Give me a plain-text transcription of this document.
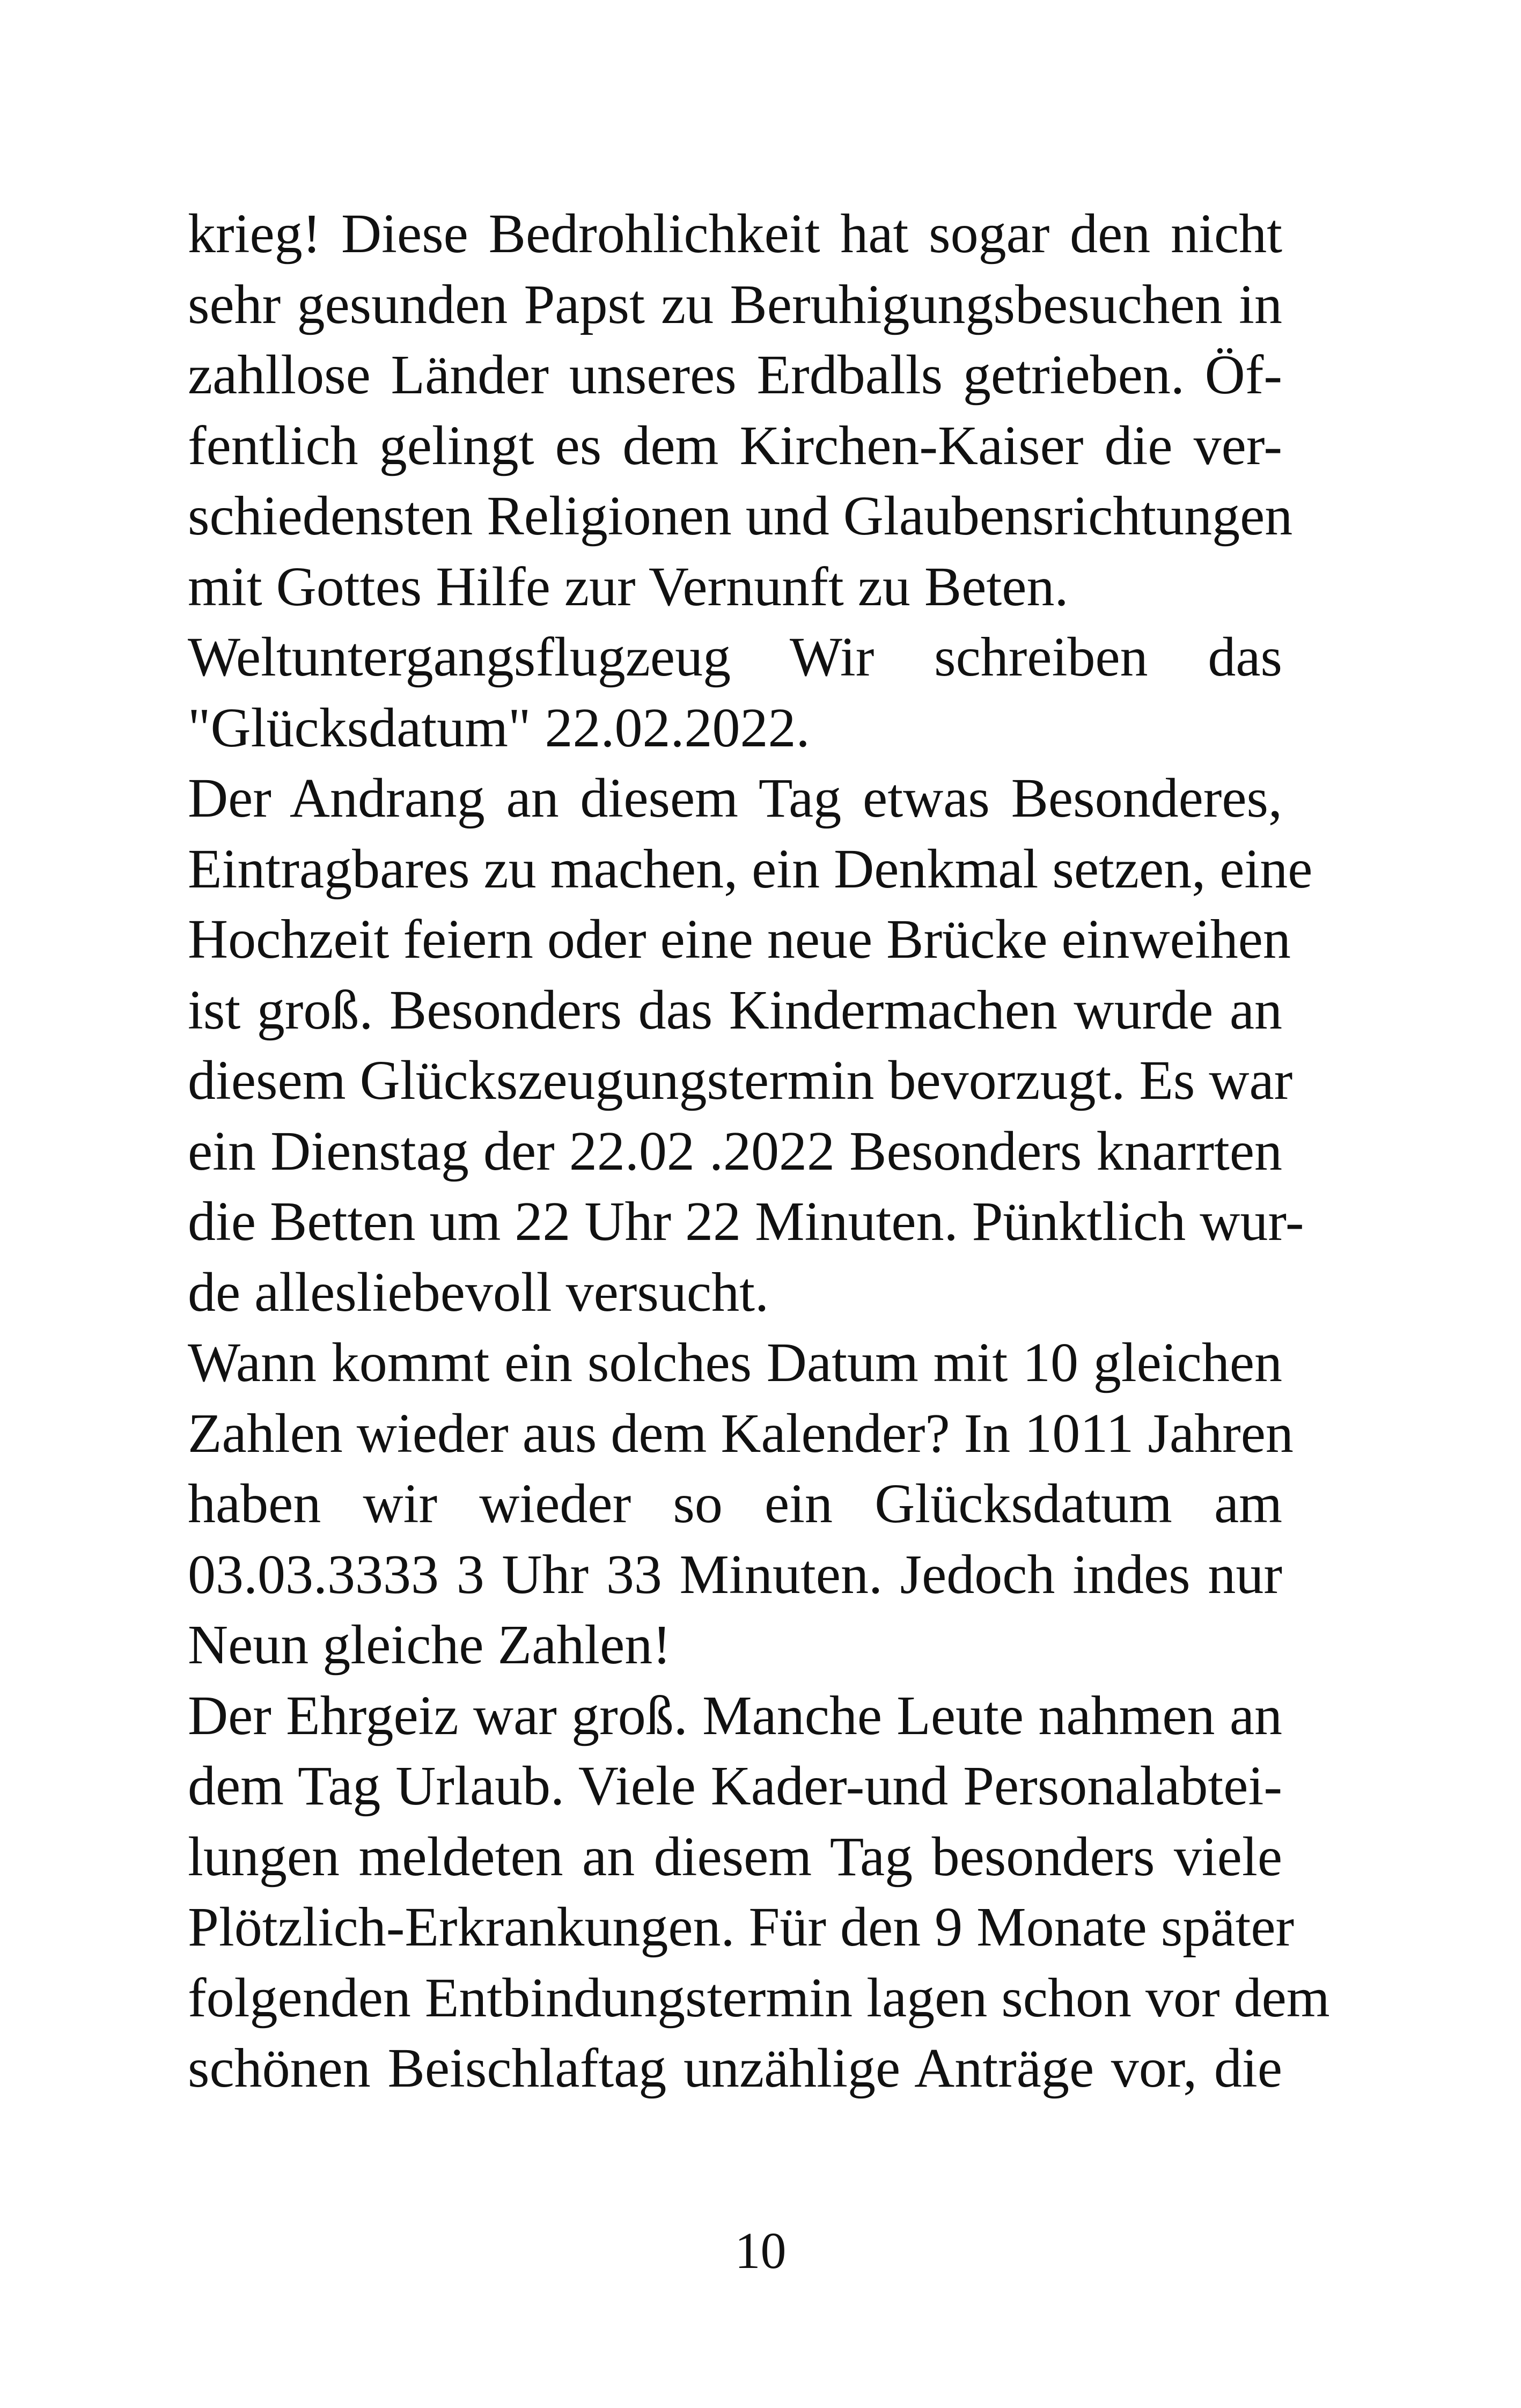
krieg! Diese Bedrohlichkeit hat sogar den nicht
sehr gesunden Papst zu Beruhigungsbesuchen in
zahllose Länder unseres Erdballs getrieben. Öf-
fentlich gelingt es dem Kirchen-Kaiser die ver-
schiedensten Religionen und Glaubensrichtungen
mit Gottes Hilfe zur Vernunft zu Beten.
Weltuntergangsflugzeug Wir schreiben das
"Glücksdatum" 22.02.2022.
Der Andrang an diesem Tag etwas Besonderes,
Eintragbares zu machen, ein Denkmal setzen, eine
Hochzeit feiern oder eine neue Brücke einweihen
ist groß. Besonders das Kindermachen wurde an
diesem Glückszeugungstermin bevorzugt. Es war
ein Dienstag der 22.02 .2022 Besonders knarrten
die Betten um 22 Uhr 22 Minuten. Pünktlich wur-
de allesliebevoll versucht.
Wann kommt ein solches Datum mit 10 gleichen
Zahlen wieder aus dem Kalender? In 1011 Jahren
haben wir wieder so ein Glücksdatum am
03.03.3333 3 Uhr 33 Minuten. Jedoch indes nur
Neun gleiche Zahlen!
Der Ehrgeiz war groß. Manche Leute nahmen an
dem Tag Urlaub. Viele Kader-und Personalabtei-
lungen meldeten an diesem Tag besonders viele
Plötzlich-Erkrankungen. Für den 9 Monate später
folgenden Entbindungstermin lagen schon vor dem
schönen Beischlaftag unzählige Anträge vor, die
10
